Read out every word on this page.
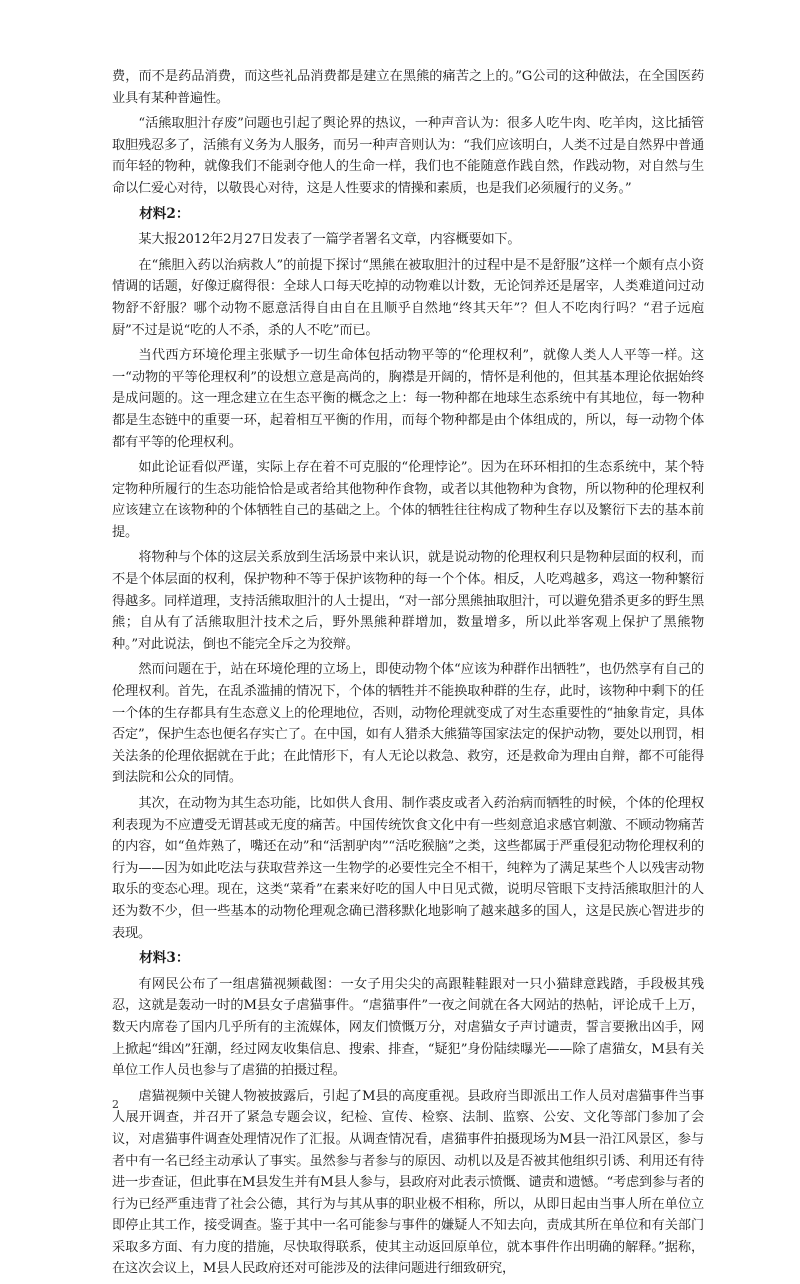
费，而不是药品消费，而这些礼品消费都是建立在黑熊的痛苦之上的。”G公司的这种做法，在全国医药业具有某种普遍性。

“活熊取胆汁存废”问题也引起了舆论界的热议，一种声音认为：很多人吃牛肉、吃羊肉，这比插管取胆残忍多了，活熊有义务为人服务，而另一种声音则认为：“我们应该明白，人类不过是自然界中普通而年轻的物种，就像我们不能剥夺他人的生命一样，我们也不能随意作践自然，作践动物，对自然与生命以仁爱心对待，以敬畏心对待，这是人性要求的情操和素质，也是我们必须履行的义务。”

材料2：

某大报2012年2月27日发表了一篇学者署名文章，内容概要如下。

在“熊胆入药以治病救人”的前提下探讨“黑熊在被取胆汁的过程中是不是舒服”这样一个颇有点小资情调的话题，好像迂腐得很：全球人口每天吃掉的动物难以计数，无论饲养还是屠宰，人类难道问过动物舒不舒服？哪个动物不愿意活得自由自在且顺乎自然地“终其天年”？但人不吃肉行吗？“君子远庖厨”不过是说“吃的人不杀，杀的人不吃”而已。

当代西方环境伦理主张赋予一切生命体包括动物平等的“伦理权利”，就像人类人人平等一样。这一“动物的平等伦理权利”的设想立意是高尚的，胸襟是开阔的，情怀是利他的，但其基本理论依据始终是成问题的。这一理念建立在生态平衡的概念之上：每一物种都在地球生态系统中有其地位，每一物种都是生态链中的重要一环，起着相互平衡的作用，而每个物种都是由个体组成的，所以，每一动物个体都有平等的伦理权利。

如此论证看似严谨，实际上存在着不可克服的“伦理悖论”。因为在环环相扣的生态系统中，某个特定物种所履行的生态功能恰恰是或者给其他物种作食物，或者以其他物种为食物，所以物种的伦理权利应该建立在该物种的个体牺牲自己的基础之上。个体的牺牲往往构成了物种生存以及繁衍下去的基本前提。

将物种与个体的这层关系放到生活场景中来认识，就是说动物的伦理权利只是物种层面的权利，而不是个体层面的权利，保护物种不等于保护该物种的每一个个体。相反，人吃鸡越多，鸡这一物种繁衍得越多。同样道理，支持活熊取胆汁的人士提出，“对一部分黑熊抽取胆汁，可以避免猎杀更多的野生黑熊；自从有了活熊取胆汁技术之后，野外黑熊种群增加，数量增多，所以此举客观上保护了黑熊物种。”对此说法，倒也不能完全斥之为狡辩。

然而问题在于，站在环境伦理的立场上，即使动物个体“应该为种群作出牺牲”，也仍然享有自己的伦理权利。首先，在乱杀滥捕的情况下，个体的牺牲并不能换取种群的生存，此时，该物种中剩下的任一个体的生存都具有生态意义上的伦理地位，否则，动物伦理就变成了对生态重要性的“抽象肯定，具体否定”，保护生态也便名存实亡了。在中国，如有人猎杀大熊猫等国家法定的保护动物，要处以刑罚，相关法条的伦理依据就在于此；在此情形下，有人无论以救急、救穷，还是救命为理由自辩，都不可能得到法院和公众的同情。

其次，在动物为其生态功能，比如供人食用、制作裘皮或者入药治病而牺牲的时候，个体的伦理权利表现为不应遭受无谓甚或无度的痛苦。中国传统饮食文化中有一些刻意追求感官刺激、不顾动物痛苦的内容，如“鱼炸熟了，嘴还在动”和“活割驴肉”“活吃猴脑”之类，这些都属于严重侵犯动物伦理权利的行为——因为如此吃法与获取营养这一生物学的必要性完全不相干，纯粹为了满足某些个人以残害动物取乐的变态心理。现在，这类“菜肴”在素来好吃的国人中日见式微，说明尽管眼下支持活熊取胆汁的人还为数不少，但一些基本的动物伦理观念确已潜移默化地影响了越来越多的国人，这是民族心智进步的表现。

材料3：

有网民公布了一组虐猫视频截图：一女子用尖尖的高跟鞋鞋跟对一只小猫肆意践踏，手段极其残忍，这就是轰动一时的M县女子虐猫事件。“虐猫事件”一夜之间就在各大网站的热帖，评论成千上万，数天内席卷了国内几乎所有的主流媒体，网友们愤慨万分，对虐猫女子声讨谴责，誓言要揪出凶手，网上掀起“缉凶”狂潮，经过网友收集信息、搜索、排查，“疑犯”身份陆续曝光——除了虐猫女，M县有关单位工作人员也参与了虐猫的拍摄过程。

虐猫视频中关键人物被披露后，引起了M县的高度重视。县政府当即派出工作人员对虐猫事件当事人展开调查，并召开了紧急专题会议，纪检、宣传、检察、法制、监察、公安、文化等部门参加了会议，对虐猫事件调查处理情况作了汇报。从调查情况看，虐猫事件拍摄现场为M县一沿江风景区，参与者中有一名已经主动承认了事实。虽然参与者参与的原因、动机以及是否被其他组织引诱、利用还有待进一步查证，但此事在M县发生并有M县人参与，县政府对此表示愤慨、谴责和遗憾。“考虑到参与者的行为已经严重违背了社会公德，其行为与其从事的职业极不相称，所以，从即日起由当事人所在单位立即停止其工作，接受调查。鉴于其中一名可能参与事件的嫌疑人不知去向，责成其所在单位和有关部门采取多方面、有力度的措施，尽快取得联系，使其主动返回原单位，就本事件作出明确的解释。”据称，在这次会议上，M县人民政府还对可能涉及的法律问题进行细致研究，

2
